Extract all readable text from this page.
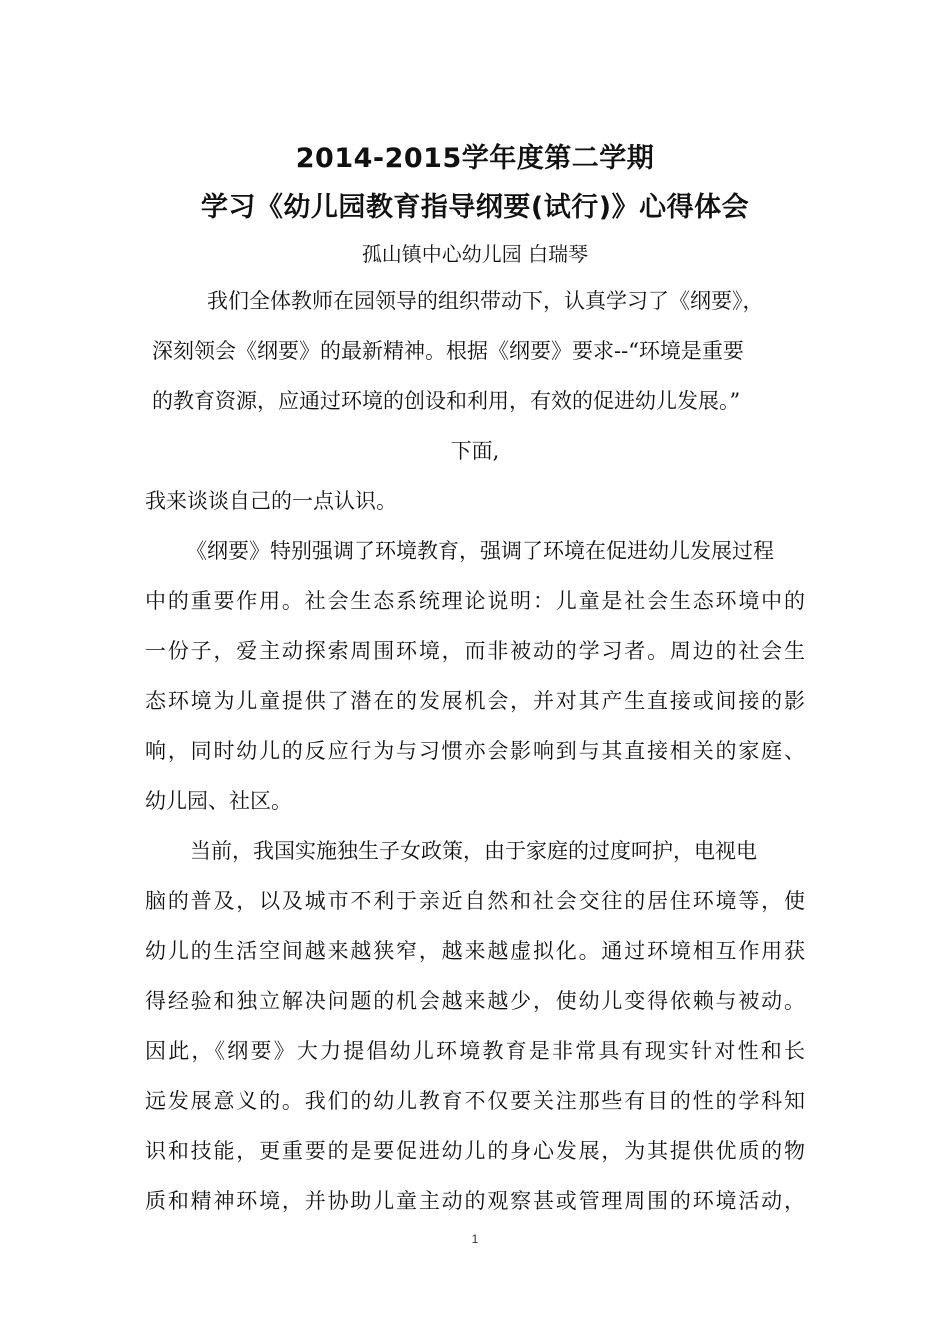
2014-2015学年度第二学期
学习《幼儿园教育指导纲要(试行)》心得体会
孤山镇中心幼儿园 白瑞琴
　我们全体教师在园领导的组织带动下，认真学习了《纲要》，
深刻领会《纲要》的最新精神。根据《纲要》要求--“环境是重要
的教育资源，应通过环境的创设和利用，有效的促进幼儿发展。”
下面,
我来谈谈自己的一点认识。
《纲要》特别强调了环境教育，强调了环境在促进幼儿发展过程
中的重要作用。社会生态系统理论说明：儿童是社会生态环境中的
一份子，爱主动探索周围环境，而非被动的学习者。周边的社会生
态环境为儿童提供了潜在的发展机会，并对其产生直接或间接的影
响，同时幼儿的反应行为与习惯亦会影响到与其直接相关的家庭、
幼儿园、社区。
当前，我国实施独生子女政策，由于家庭的过度呵护，电视电
脑的普及，以及城市不利于亲近自然和社会交往的居住环境等，使
幼儿的生活空间越来越狭窄，越来越虚拟化。通过环境相互作用获
得经验和独立解决问题的机会越来越少，使幼儿变得依赖与被动。
因此，《纲要》大力提倡幼儿环境教育是非常具有现实针对性和长
远发展意义的。我们的幼儿教育不仅要关注那些有目的性的学科知
识和技能，更重要的是要促进幼儿的身心发展，为其提供优质的物
质和精神环境，并协助儿童主动的观察甚或管理周围的环境活动，
1
